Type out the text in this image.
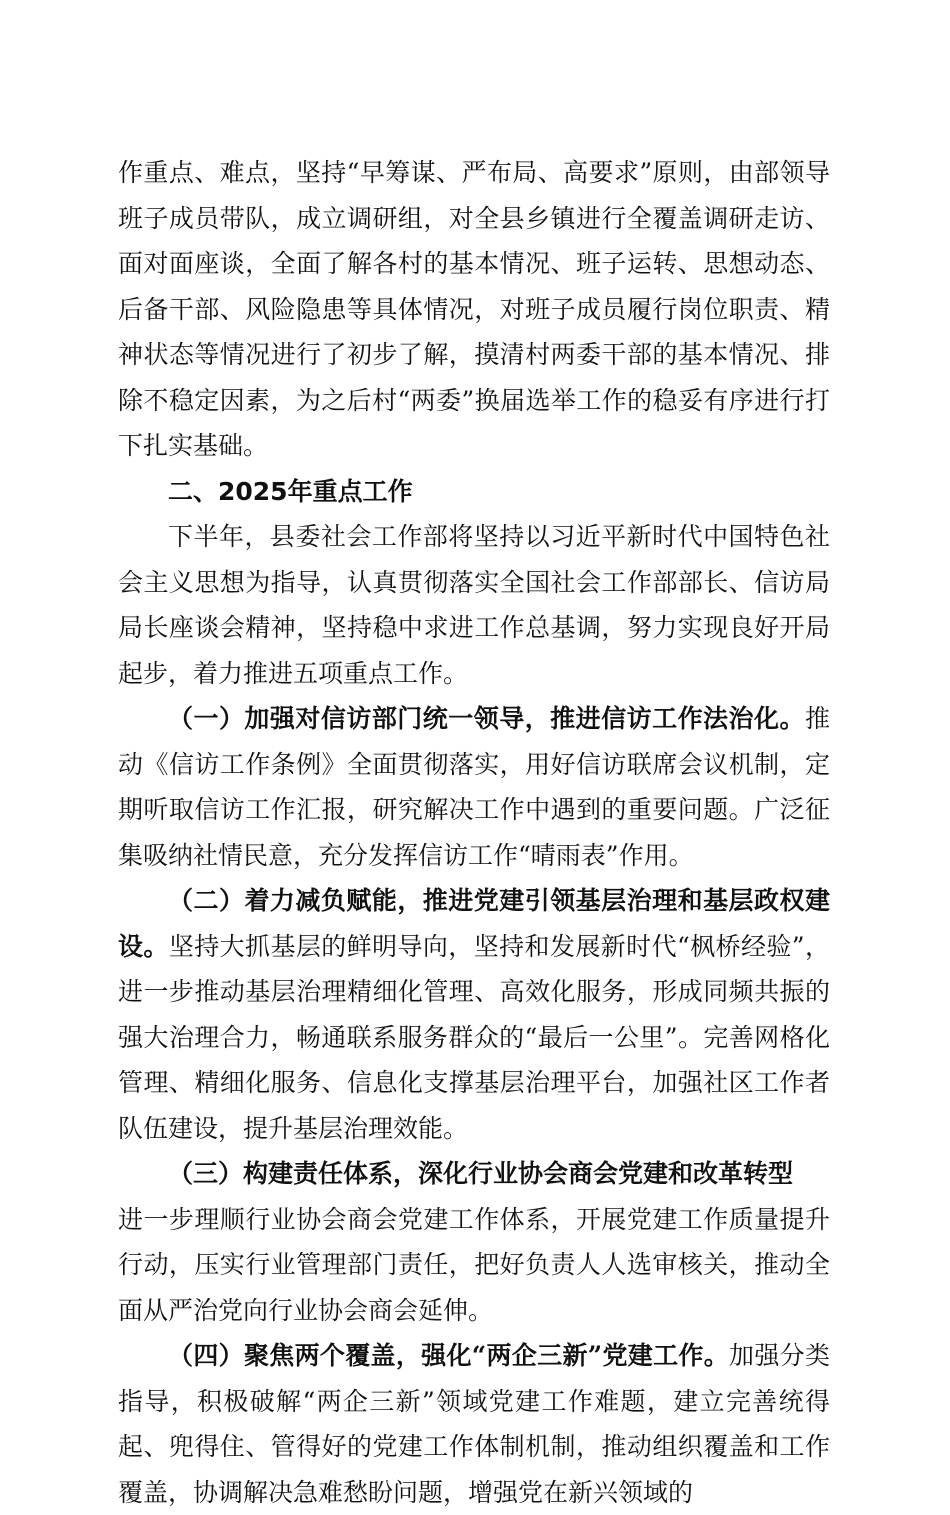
作重点、难点，坚持“早筹谋、严布局、高要求”原则，由部领导班子成员带队，成立调研组，对全县乡镇进行全覆盖调研走访、面对面座谈，全面了解各村的基本情况、班子运转、思想动态、后备干部、风险隐患等具体情况，对班子成员履行岗位职责、精神状态等情况进行了初步了解，摸清村两委干部的基本情况、排除不稳定因素，为之后村“两委”换届选举工作的稳妥有序进行打下扎实基础。

二、2025年重点工作

下半年，县委社会工作部将坚持以习近平新时代中国特色社会主义思想为指导，认真贯彻落实全国社会工作部部长、信访局局长座谈会精神，坚持稳中求进工作总基调，努力实现良好开局起步，着力推进五项重点工作。

（一）加强对信访部门统一领导，推进信访工作法治化。推动《信访工作条例》全面贯彻落实，用好信访联席会议机制，定期听取信访工作汇报，研究解决工作中遇到的重要问题。广泛征集吸纳社情民意，充分发挥信访工作“晴雨表”作用。

（二）着力减负赋能，推进党建引领基层治理和基层政权建设。坚持大抓基层的鲜明导向，坚持和发展新时代“枫桥经验”，进一步推动基层治理精细化管理、高效化服务，形成同频共振的强大治理合力，畅通联系服务群众的“最后一公里”。完善网格化管理、精细化服务、信息化支撑基层治理平台，加强社区工作者队伍建设，提升基层治理效能。

（三）构建责任体系，深化行业协会商会党建和改革转型

进一步理顺行业协会商会党建工作体系，开展党建工作质量提升行动，压实行业管理部门责任，把好负责人人选审核关，推动全面从严治党向行业协会商会延伸。

（四）聚焦两个覆盖，强化“两企三新”党建工作。加强分类指导，积极破解“两企三新”领域党建工作难题，建立完善统得起、兜得住、管得好的党建工作体制机制，推动组织覆盖和工作覆盖，协调解决急难愁盼问题，增强党在新兴领域的
